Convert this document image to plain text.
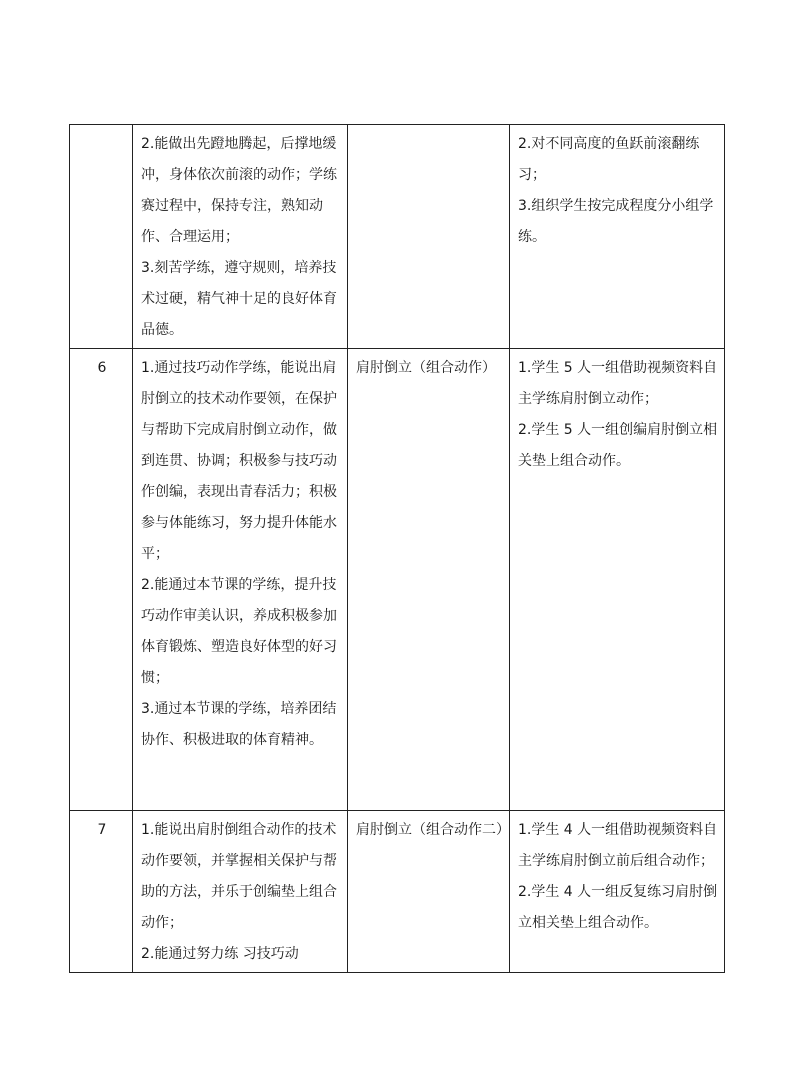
	2.能做出先蹬地腾起，后撑地缓冲，身体依次前滚的动作；学练赛过程中，保持专注，熟知动作、合理运用；
3.刻苦学练，遵守规则，培养技术过硬，精气神十足的良好体育品德。		2.对不同高度的鱼跃前滚翻练习；
3.组织学生按完成程度分小组学练。

6	1.通过技巧动作学练，能说出肩肘倒立的技术动作要领，在保护与帮助下完成肩肘倒立动作，做到连贯、协调；积极参与技巧动作创编，表现出青春活力；积极参与体能练习，努力提升体能水平；
2.能通过本节课的学练，提升技巧动作审美认识，养成积极参加体育锻炼、塑造良好体型的好习惯；
3.通过本节课的学练，培养团结协作、积极进取的体育精神。	肩肘倒立（组合动作）	1.学生 5 人一组借助视频资料自主学练肩肘倒立动作；
2.学生 5 人一组创编肩肘倒立相关垫上组合动作。

7	1.能说出肩肘倒组合动作的技术动作要领，并掌握相关保护与帮助的方法，并乐于创编垫上组合动作；
2.能通过努力练 习技巧动	肩肘倒立（组合动作二）	1.学生 4 人一组借助视频资料自主学练肩肘倒立前后组合动作；
2.学生 4 人一组反复练习肩肘倒立相关垫上组合动作。
